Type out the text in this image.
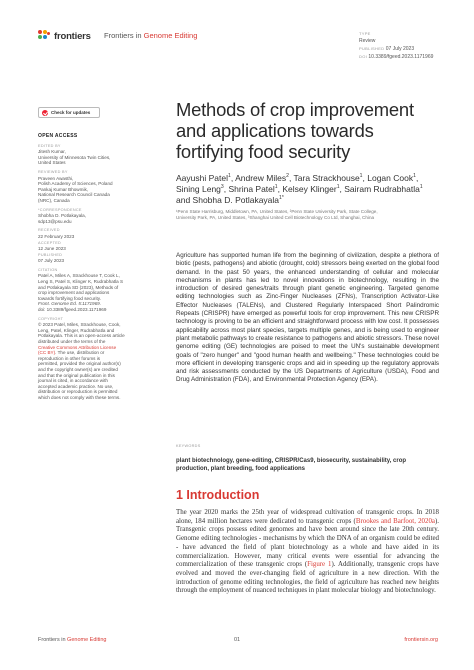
frontiers Frontiers in Genome Editing	TYPE
Review
PUBLISHED 07 July 2023
DOI 10.3389/fgeed.2023.1171969
Check for updates
OPEN ACCESS
EDITED BY
Jitesh Kumar,
University of Minnesota Twin Cities,
United States
REVIEWED BY
Praveen Awasthi,
Polish Academy of Sciences, Poland
Pankaj Kumar Bhowmik,
National Research Council Canada
(NRC), Canada
*CORRESPONDENCE
Shobha D. Potlakayala,
sdp13@psu.edu
RECEIVED
22 February 2023
ACCEPTED
12 June 2023
PUBLISHED
07 July 2023
CITATION
Patel A, Miles A, Strackhouse T, Cook L,
Leng S, Patel S, Klinger K, Rudrabhatla S
and Potlakayala SD (2023), Methods of
crop improvement and applications
towards fortifying food security.
Front. Genome Ed. 5:1171969.
doi: 10.3389/fgeed.2023.1171969
COPYRIGHT
© 2023 Patel, Miles, Strackhouse, Cook,
Leng, Patel, Klinger, Rudrabhatla and
Potlakayala. This is an open-access article
distributed under the terms of the
Creative Commons Attribution License
(CC BY). The use, distribution or
reproduction in other forums is
permitted, provided the original author(s)
and the copyright owner(s) are credited
and that the original publication in this
journal is cited, in accordance with
accepted academic practice. No use,
distribution or reproduction is permitted
which does not comply with these terms.
Methods of crop improvement
and applications towards
fortifying food security
Aayushi Patel$^1$, Andrew Miles$^2$, Tara Strackhouse$^1$, Logan Cook$^1$,
Sining Leng$^3$, Shrina Patel$^1$, Kelsey Klinger$^1$, Sairam Rudrabhatla$^1$
and Shobha D. Potlakayala$^{1*}$
¹Penn State Harrisburg, Middletown, PA, United States, ²Penn State University Park, State College,
University Park, PA, United States, ³Shanghai United Cell Biotechnology Co Ltd, Shanghai, China

Agriculture has supported human life from the beginning of civilization, despite a plethora of biotic (pests, pathogens) and abiotic (drought, cold) stressors being exerted on the global food demand. In the past 50 years, the enhanced understanding of cellular and molecular mechanisms in plants has led to novel innovations in biotechnology, resulting in the introduction of desired genes/traits through plant genetic engineering. Targeted genome editing technologies such as Zinc-Finger Nucleases (ZFNs), Transcription Activator-Like Effector Nucleases (TALENs), and Clustered Regularly Interspaced Short Palindromic Repeats (CRISPR) have emerged as powerful tools for crop improvement. This new CRISPR technology is proving to be an efficient and straightforward process with low cost. It possesses applicability across most plant species, targets multiple genes, and is being used to engineer plant metabolic pathways to create resistance to pathogens and abiotic stressors. These novel genome editing (GE) technologies are poised to meet the UN's sustainable development goals of "zero hunger" and "good human health and wellbeing." These technologies could be more efficient in developing transgenic crops and aid in speeding up the regulatory approvals and risk assessments conducted by the US Departments of Agriculture (USDA), Food and Drug Administration (FDA), and Environmental Protection Agency (EPA).

KEYWORDS

plant biotechnology, gene-editing, CRISPR/Cas9, biosecurity, sustainability, crop production, plant breeding, food applications

1 Introduction

The year 2020 marks the 25th year of widespread cultivation of transgenic crops. In 2018 alone, 184 million hectares were dedicated to transgenic crops (Brookes and Barfoot, 2020a). Transgenic crops possess edited genomes and have been around since the late 20th century. Genome editing technologies - mechanisms by which the DNA of an organism could be edited - have advanced the field of plant biotechnology as a whole and have aided in its commercialization. However, many critical events were essential for advancing the commercialization of these transgenic crops (Figure 1). Additionally, transgenic crops have evolved and moved the ever-changing field of agriculture in a new direction. With the introduction of genome editing technologies, the field of agriculture has reached new heights through the employment of nuanced techniques in plant molecular biology and biotechnology.

Frontiers in Genome Editing	01	frontiersin.org
